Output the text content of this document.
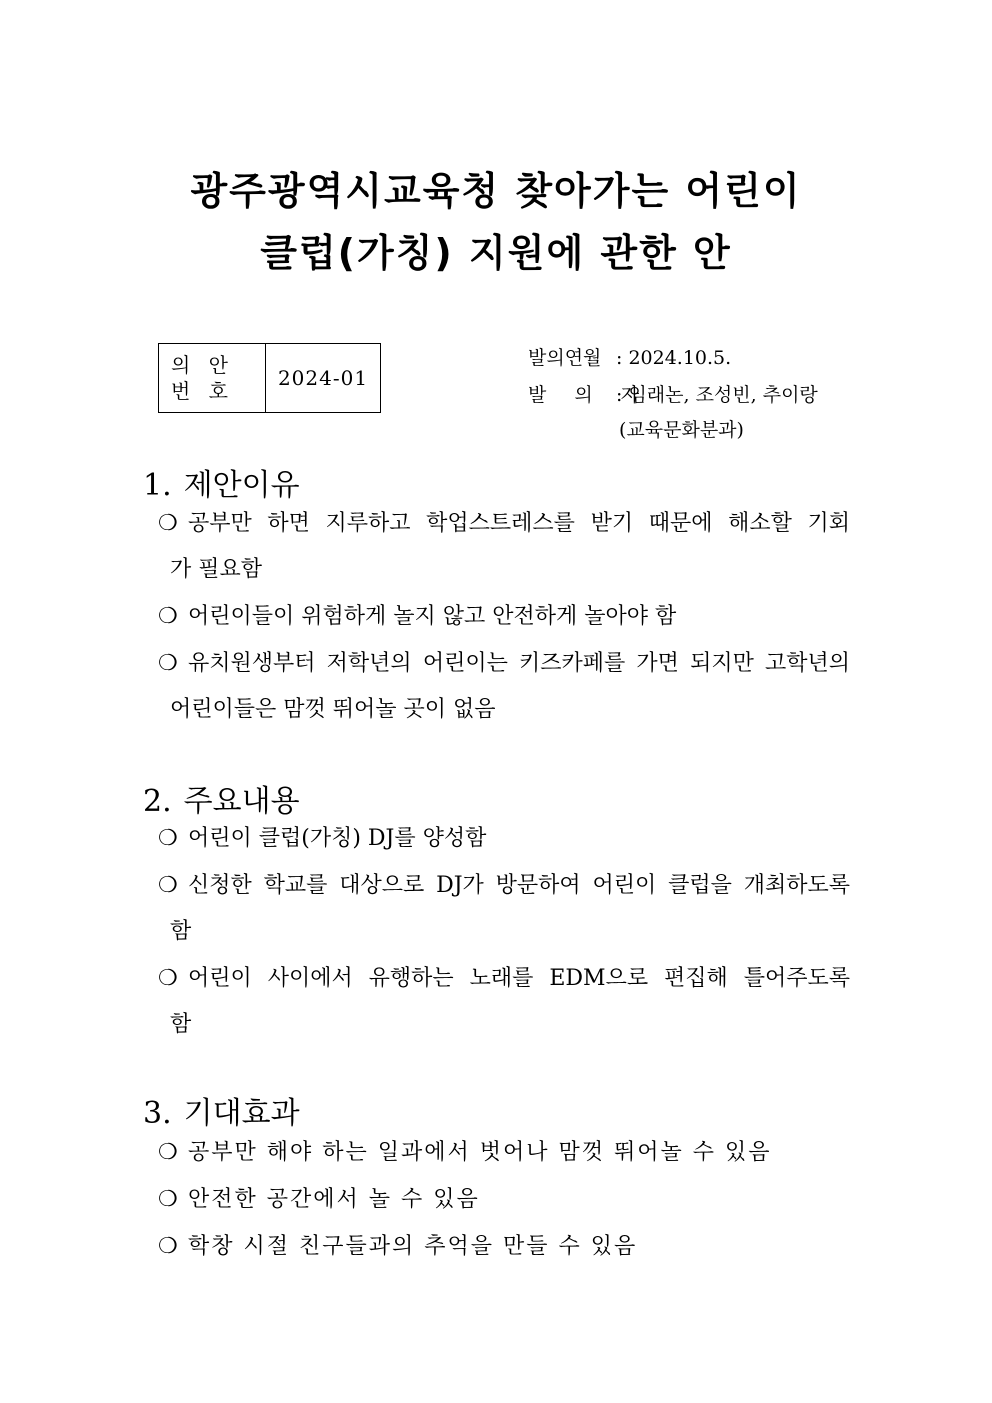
광주광역시교육청 찾아가는 어린이
클럽(가칭) 지원에 관한 안
의 안
번 호
	2024-01
발의연월 : 2024.10.5.
발 의 자: 임래논, 조성빈, 추이랑
(교육문화분과)
1. 제안이유
❍ 공부만 하면 지루하고 학업스트레스를 받기 때문에 해소할 기회
가 필요함
❍ 어린이들이 위험하게 놀지 않고 안전하게 놀아야 함
❍ 유치원생부터 저학년의 어린이는 키즈카페를 가면 되지만 고학년의
어린이들은 맘껏 뛰어놀 곳이 없음
2. 주요내용
❍ 어린이 클럽(가칭) DJ를 양성함
❍ 신청한 학교를 대상으로 DJ가 방문하여 어린이 클럽을 개최하도록
함
❍ 어린이 사이에서 유행하는 노래를 EDM으로 편집해 틀어주도록
함
3. 기대효과
❍ 공부만 해야 하는 일과에서 벗어나 맘껏 뛰어놀 수 있음
❍ 안전한 공간에서 놀 수 있음
❍ 학창 시절 친구들과의 추억을 만들 수 있음
